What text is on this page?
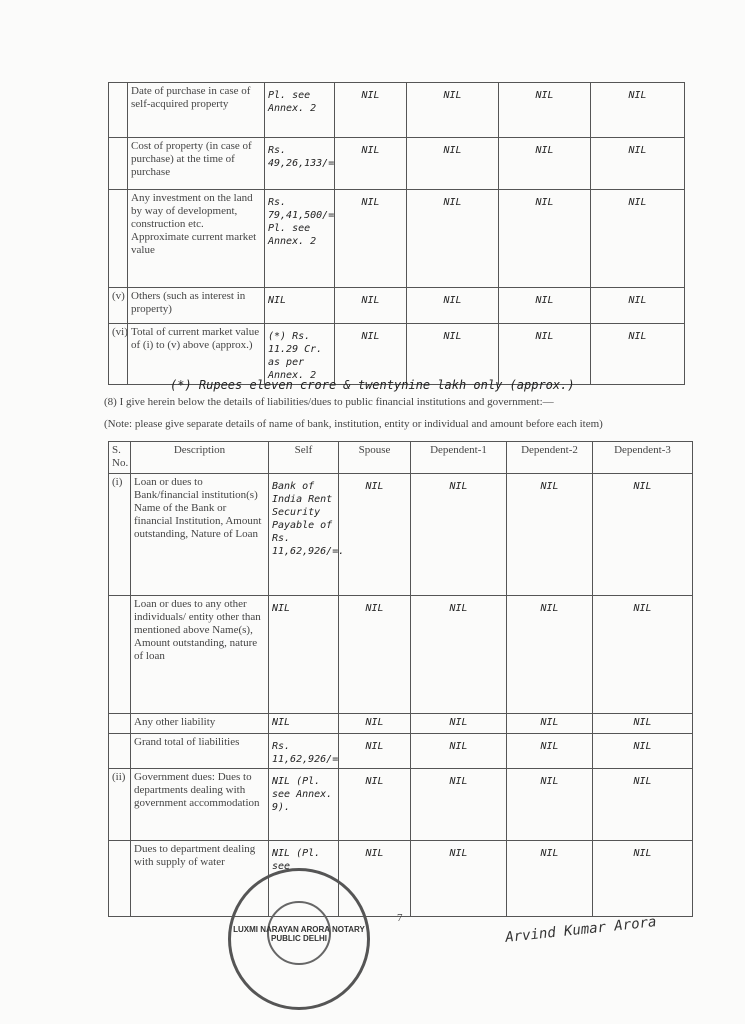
	Date of purchase in case of self-acquired property	Pl. see Annex. 2	NIL	NIL	NIL	NIL
	Cost of property (in case of purchase) at the time of purchase	Rs. 49,26,133/=	NIL	NIL	NIL	NIL
	Any investment on the land by way of development, construction etc. Approximate current market value	Rs. 79,41,500/= Pl. see Annex. 2	NIL	NIL	NIL	NIL
(v)	Others (such as interest in property)	NIL	NIL	NIL	NIL	NIL
(vi)	Total of current market value of (i) to (v) above (approx.)	(*) Rs. 11.29 Cr. as per Annex. 2	NIL	NIL	NIL	NIL
(*) Rupees eleven crore & twentynine lakh only (approx.)
(8) I give herein below the details of liabilities/dues to public financial institutions and government:—
(Note: please give separate details of name of bank, institution, entity or individual and amount before each item)
S. No.	Description	Self	Spouse	Dependent-1	Dependent-2	Dependent-3
(i)	Loan or dues to Bank/financial institution(s) Name of the Bank or financial Institution, Amount outstanding, Nature of Loan	Bank of India Rent Security Payable of Rs. 11,62,926/=.	NIL	NIL	NIL	NIL
	Loan or dues to any other individuals/ entity other than mentioned above Name(s), Amount outstanding, nature of loan	NIL	NIL	NIL	NIL	NIL
	Any other liability	NIL	NIL	NIL	NIL	NIL
	Grand total of liabilities	Rs. 11,62,926/=	NIL	NIL	NIL	NIL
(ii)	Government dues: Dues to departments dealing with government accommodation	NIL (Pl. see Annex. 9).	NIL	NIL	NIL	NIL
	Dues to department dealing with supply of water	NIL (Pl. see	NIL	NIL	NIL	NIL
LUXMI NARAYAN ARORA NOTARY PUBLIC DELHI
7	Arvind Kumar Arora
